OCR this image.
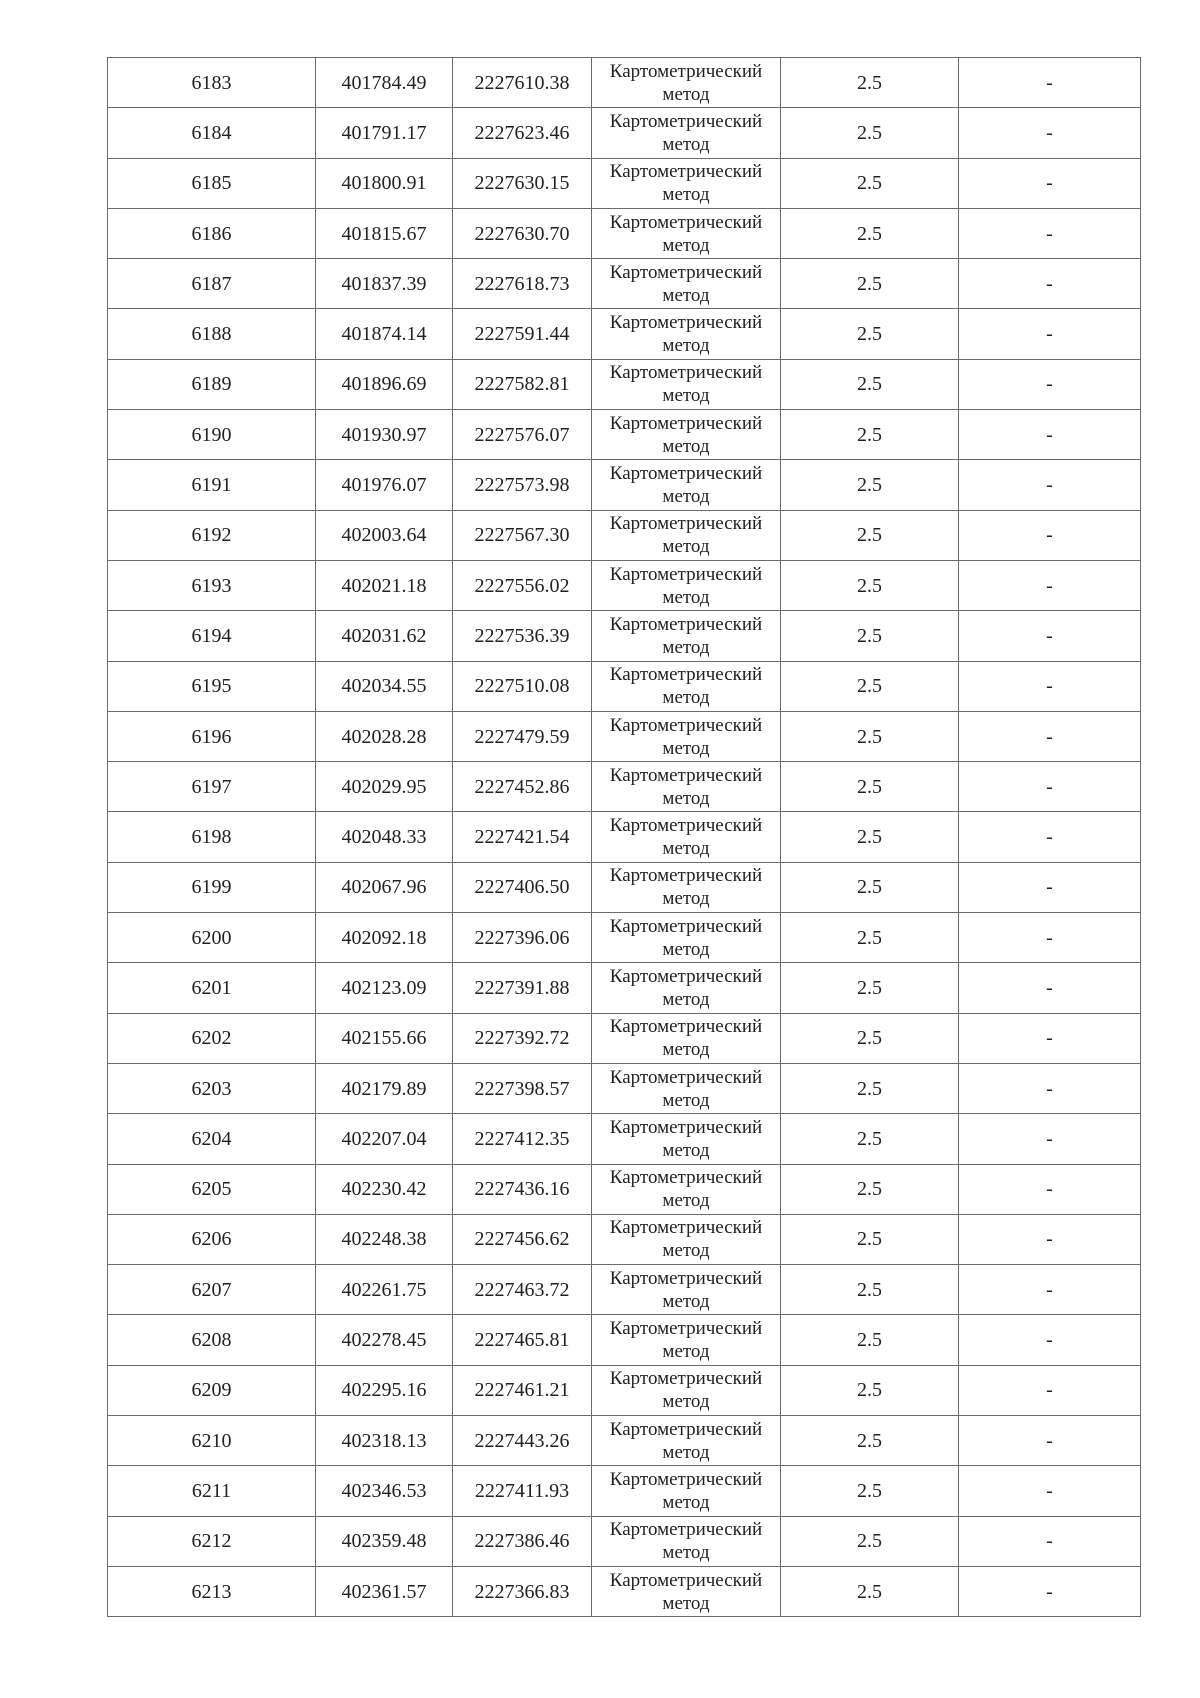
6183	401784.49	2227610.38	Картометрический
метод	2.5	-
6184	401791.17	2227623.46	Картометрический
метод	2.5	-
6185	401800.91	2227630.15	Картометрический
метод	2.5	-
6186	401815.67	2227630.70	Картометрический
метод	2.5	-
6187	401837.39	2227618.73	Картометрический
метод	2.5	-
6188	401874.14	2227591.44	Картометрический
метод	2.5	-
6189	401896.69	2227582.81	Картометрический
метод	2.5	-
6190	401930.97	2227576.07	Картометрический
метод	2.5	-
6191	401976.07	2227573.98	Картометрический
метод	2.5	-
6192	402003.64	2227567.30	Картометрический
метод	2.5	-
6193	402021.18	2227556.02	Картометрический
метод	2.5	-
6194	402031.62	2227536.39	Картометрический
метод	2.5	-
6195	402034.55	2227510.08	Картометрический
метод	2.5	-
6196	402028.28	2227479.59	Картометрический
метод	2.5	-
6197	402029.95	2227452.86	Картометрический
метод	2.5	-
6198	402048.33	2227421.54	Картометрический
метод	2.5	-
6199	402067.96	2227406.50	Картометрический
метод	2.5	-
6200	402092.18	2227396.06	Картометрический
метод	2.5	-
6201	402123.09	2227391.88	Картометрический
метод	2.5	-
6202	402155.66	2227392.72	Картометрический
метод	2.5	-
6203	402179.89	2227398.57	Картометрический
метод	2.5	-
6204	402207.04	2227412.35	Картометрический
метод	2.5	-
6205	402230.42	2227436.16	Картометрический
метод	2.5	-
6206	402248.38	2227456.62	Картометрический
метод	2.5	-
6207	402261.75	2227463.72	Картометрический
метод	2.5	-
6208	402278.45	2227465.81	Картометрический
метод	2.5	-
6209	402295.16	2227461.21	Картометрический
метод	2.5	-
6210	402318.13	2227443.26	Картометрический
метод	2.5	-
6211	402346.53	2227411.93	Картометрический
метод	2.5	-
6212	402359.48	2227386.46	Картометрический
метод	2.5	-
6213	402361.57	2227366.83	Картометрический
метод	2.5	-
